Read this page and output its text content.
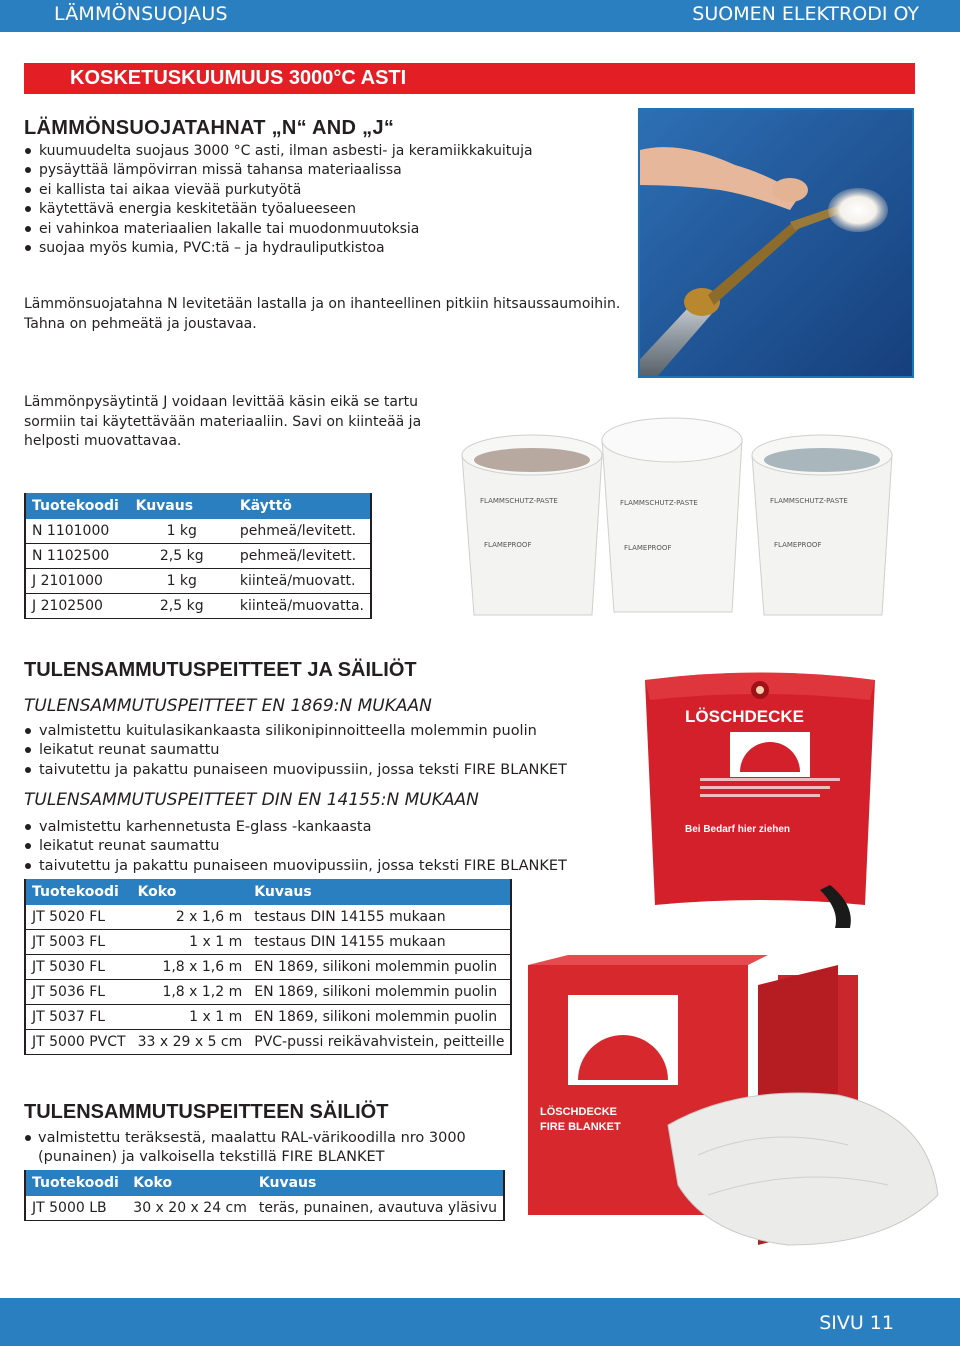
LÄMMÖNSUOJAUS	SUOMEN ELEKTRODI OY
KOSKETUSKUUMUUS 3000°C ASTI
LÄMMÖNSUOJATAHNAT „N“ AND „J“
kuumuudelta suojaus 3000 °C asti, ilman asbesti- ja keramiikkakuituja
pysäyttää lämpövirran missä tahansa materiaalissa
ei kallista tai aikaa vievää purkutyötä
käytettävä energia keskitetään työalueeseen
ei vahinkoa materiaalien lakalle tai muodonmuutoksia
suojaa myös kumia, PVC:tä – ja hydrauliputkistoa
Lämmönsuojatahna N levitetään lastalla ja on ihanteellinen pitkiin hitsaussaumoihin.
Tahna on pehmeätä ja joustavaa.
Lämmönpysäytintä J voidaan levittää käsin eikä se tartu
sormiin tai käytettävään materiaaliin. Savi on kiinteää ja
helposti muovattavaa.
FLAMMSCHUTZ-PASTE
FLAMEPROOF
FLAMMSCHUTZ-PASTE
FLAMEPROOF
FLAMMSCHUTZ-PASTE
FLAMEPROOF
Tuotekoodi	Kuvaus	Käyttö
N 1101000	1 kg	pehmeä/levitett.
N 1102500	2,5 kg	pehmeä/levitett.
J 2101000	1 kg	kiinteä/muovatt.
J 2102500	2,5 kg	kiinteä/muovatta.
TULENSAMMUTUSPEITTEET JA SÄILIÖT
TULENSAMMUTUSPEITTEET EN 1869:N MUKAAN
valmistettu kuitulasikankaasta silikonipinnoitteella molemmin puolin
leikatut reunat saumattu
taivutettu ja pakattu punaiseen muovipussiin, jossa teksti FIRE BLANKET
TULENSAMMUTUSPEITTEET DIN EN 14155:N MUKAAN
valmistettu karhennetusta E-glass -kankaasta
leikatut reunat saumattu
taivutettu ja pakattu punaiseen muovipussiin, jossa teksti FIRE BLANKET
Tuotekoodi	Koko	Kuvaus
JT 5020 FL	2 x 1,6 m	testaus DIN 14155 mukaan
JT 5003 FL	1 x 1 m	testaus DIN 14155 mukaan
JT 5030 FL	1,8 x 1,6 m	EN 1869, silikoni molemmin puolin
JT 5036 FL	1,8 x 1,2 m	EN 1869, silikoni molemmin puolin
JT 5037 FL	1 x 1 m	EN 1869, silikoni molemmin puolin
JT 5000 PVCT	33 x 29 x 5 cm	PVC-pussi reikävahvistein, peitteille
LÖSCHDECKE
Bei Bedarf hier ziehen
TULENSAMMUTUSPEITTEEN SÄILIÖT
valmistettu teräksestä, maalattu RAL-värikoodilla nro 3000
(punainen) ja valkoisella tekstillä FIRE BLANKET
Tuotekoodi	Koko	Kuvaus
JT 5000 LB	30 x 20 x 24 cm	teräs, punainen, avautuva yläsivu
LÖSCHDECKE
FIRE BLANKET
SIVU 11
